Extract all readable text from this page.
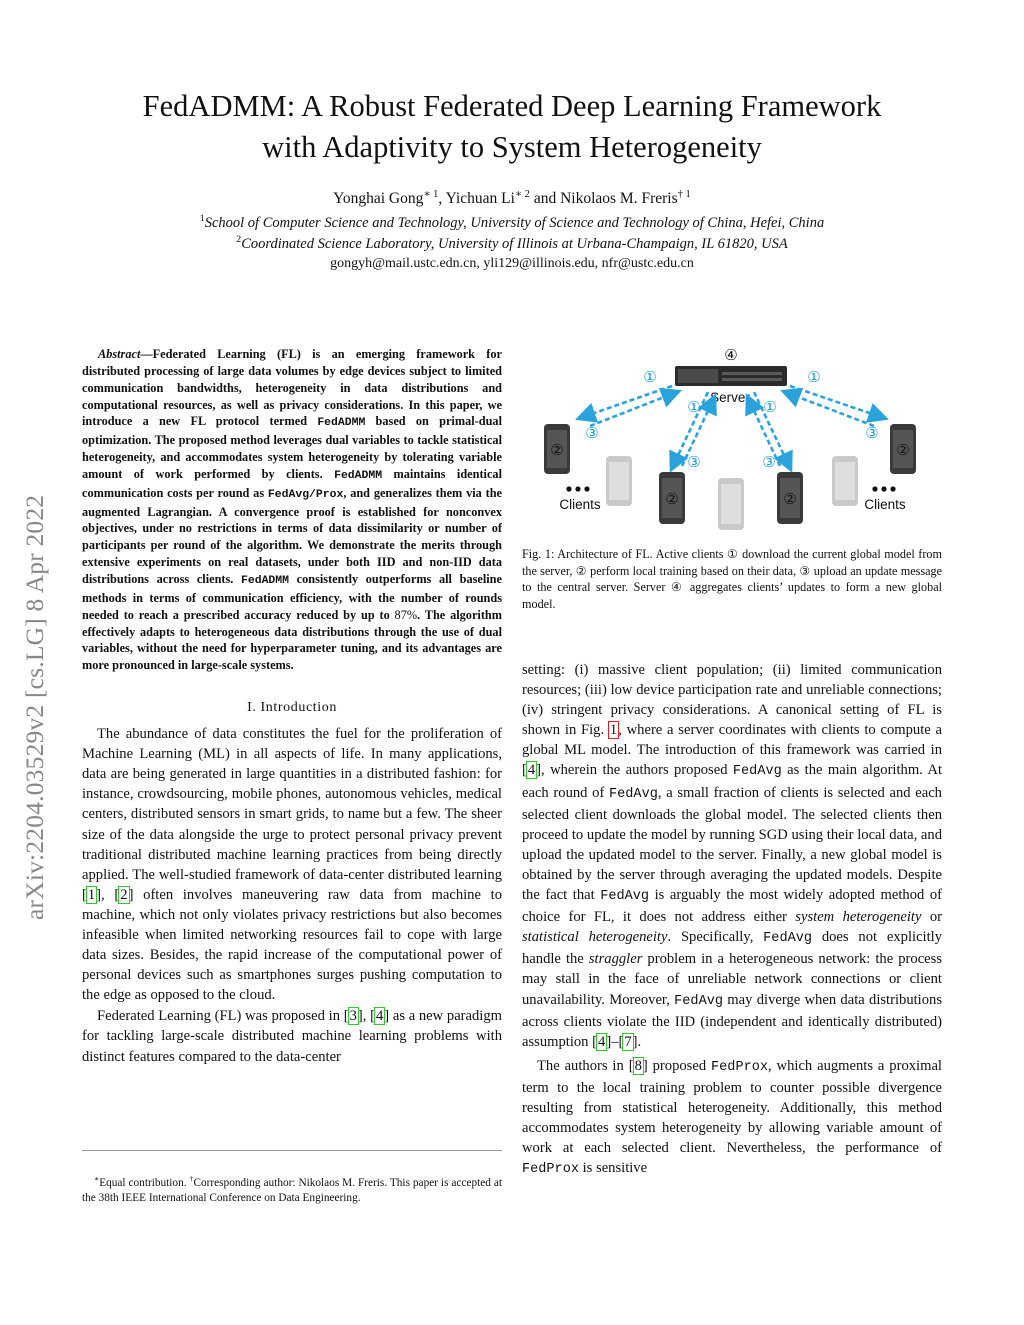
FedADMM: A Robust Federated Deep Learning Framework
with Adaptivity to System Heterogeneity
Yonghai Gong$^{∗ 1}$, Yichuan $Li^{∗ 2}$ and Nikolaos M. Freris$^{\dagger 1}$
$^1$School of Computer Science and Technology, University of Science and Technology of China, Hefei, China
$^2$Coordinated Science Laboratory, University of Illinois at Urbana-Champaign, IL 61820, USA
gongyh@mail.ustc.edn.cn, yli129@illinois.edu, nfr@ustc.edu.cn
arXiv:2204.03529v2 [cs.LG] 8 Apr 2022
Abstract—Federated Learning (FL) is an emerging framework for distributed processing of large data volumes by edge devices subject to limited communication bandwidths, heterogeneity in data distributions and computational resources, as well as privacy considerations. In this paper, we introduce a new FL protocol termed FedADMM based on primal-dual optimization. The proposed method leverages dual variables to tackle statistical heterogeneity, and accommodates system heterogeneity by tolerating variable amount of work performed by clients. FedADMM maintains identical communication costs per round as FedAvg/Prox, and generalizes them via the augmented Lagrangian. A convergence proof is established for nonconvex objectives, under no restrictions in terms of data dissimilarity or number of participants per round of the algorithm. We demonstrate the merits through extensive experiments on real datasets, under both IID and non-IID data distributions across clients. FedADMM consistently outperforms all baseline methods in terms of communication efficiency, with the number of rounds needed to reach a prescribed accuracy reduced by up to 87%. The algorithm effectively adapts to heterogeneous data distributions through the use of dual variables, without the need for hyperparameter tuning, and its advantages are more pronounced in large-scale systems.
I. Introduction

The abundance of data constitutes the fuel for the proliferation of Machine Learning (ML) in all aspects of life. In many applications, data are being generated in large quantities in a distributed fashion: for instance, crowdsourcing, mobile phones, autonomous vehicles, medical centers, distributed sensors in smart grids, to name but a few. The sheer size of the data alongside the urge to protect personal privacy prevent traditional distributed machine learning practices from being directly applied. The well-studied framework of data-center distributed learning [1], [2] often involves maneuvering raw data from machine to machine, which not only violates privacy restrictions but also becomes infeasible when limited networking resources fail to cope with large data sizes. Besides, the rapid increase of the computational power of personal devices such as smartphones surges pushing computation to the edge as opposed to the cloud.

Federated Learning (FL) was proposed in [3], [4] as a new paradigm for tackling large-scale distributed machine learning problems with distinct features compared to the data-center

∗Equal contribution. †Corresponding author: Nikolaos M. Freris. This paper is accepted at the 38th IEEE International Conference on Data Engineering.
④
Server
①	①
①	①
③	③
③	③
②
②	②
②
Clients	Clients
Fig. 1: Architecture of FL. Active clients ① download the current global model from the server, ② perform local training based on their data, ③ upload an update message to the central server. Server ④ aggregates clients’ updates to form a new global model.

setting: (i) massive client population; (ii) limited communication resources; (iii) low device participation rate and unreliable connections; (iv) stringent privacy considerations. A canonical setting of FL is shown in Fig. 1, where a server coordinates with clients to compute a global ML model. The introduction of this framework was carried in [4], wherein the authors proposed FedAvg as the main algorithm. At each round of FedAvg, a small fraction of clients is selected and each selected client downloads the global model. The selected clients then proceed to update the model by running SGD using their local data, and upload the updated model to the server. Finally, a new global model is obtained by the server through averaging the updated models. Despite the fact that FedAvg is arguably the most widely adopted method of choice for FL, it does not address either system heterogeneity or statistical heterogeneity. Specifically, FedAvg does not explicitly handle the straggler problem in a heterogeneous network: the process may stall in the face of unreliable network connections or client unavailability. Moreover, FedAvg may diverge when data distributions across clients violate the IID (independent and identically distributed) assumption [4]–[7].

The authors in [8] proposed FedProx, which augments a proximal term to the local training problem to counter possible divergence resulting from statistical heterogeneity. Additionally, this method accommodates system heterogeneity by allowing variable amount of work at each selected client. Nevertheless, the performance of FedProx is sensitive
